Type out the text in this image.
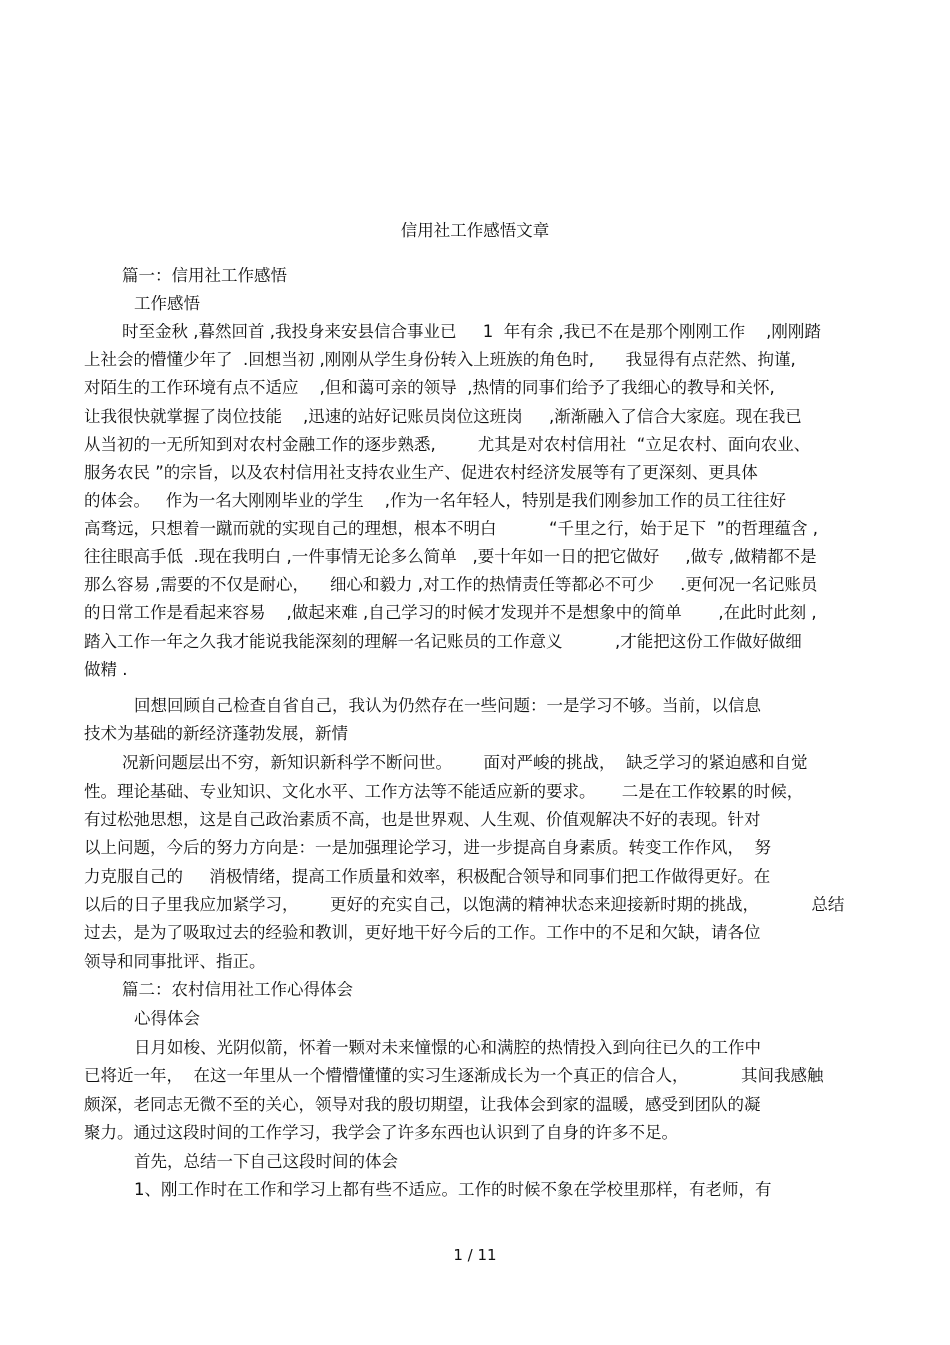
信用社工作感悟文章
篇一：信用社工作感悟
工作感悟
时至金秋 ,暮然回首 ,我投身来安县信合事业已     1  年有余 ,我已不在是那个刚刚工作    ,刚刚踏
上社会的懵懂少年了  .回想当初 ,刚刚从学生身份转入上班族的角色时,      我显得有点茫然、拘谨,
对陌生的工作环境有点不适应    ,但和蔼可亲的领导  ,热情的同事们给予了我细心的教导和关怀,
让我很快就掌握了岗位技能    ,迅速的站好记账员岗位这班岗     ,渐渐融入了信合大家庭。现在我已
从当初的一无所知到对农村金融工作的逐步熟悉,        尤其是对农村信用社  “立足农村、面向农业、
服务农民 ”的宗旨，以及农村信用社支持农业生产、促进农村经济发展等有了更深刻、更具体
的体会。   作为一名大刚刚毕业的学生    ,作为一名年轻人，特别是我们刚参加工作的员工往往好
高骛远，只想着一蹴而就的实现自己的理想，根本不明白          “千里之行，始于足下  ”的哲理蕴含 ,
往往眼高手低  .现在我明白 ,一件事情无论多么简单   ,要十年如一日的把它做好     ,做专 ,做精都不是
那么容易 ,需要的不仅是耐心，    细心和毅力 ,对工作的热情责任等都必不可少     .更何况一名记账员
的日常工作是看起来容易    ,做起来难 ,自己学习的时候才发现并不是想象中的简单       ,在此时此刻 ,
踏入工作一年之久我才能说我能深刻的理解一名记账员的工作意义          ,才能把这份工作做好做细
做精 .
回想回顾自己检查自省自己，我认为仍然存在一些问题：一是学习不够。当前，以信息
技术为基础的新经济蓬勃发展，新情
况新问题层出不穷，新知识新科学不断问世。      面对严峻的挑战，  缺乏学习的紧迫感和自觉
性。理论基础、专业知识、文化水平、工作方法等不能适应新的要求。     二是在工作较累的时候，
有过松弛思想，这是自己政治素质不高，也是世界观、人生观、价值观解决不好的表现。针对
以上问题，今后的努力方向是：一是加强理论学习，进一步提高自身素质。转变工作作风，  努
力克服自己的     消极情绪，提高工作质量和效率，积极配合领导和同事们把工作做得更好。在
以后的日子里我应加紧学习，      更好的充实自己，以饱满的精神状态来迎接新时期的挑战，          总结
过去，是为了吸取过去的经验和教训，更好地干好今后的工作。工作中的不足和欠缺，请各位
领导和同事批评、指正。
篇二：农村信用社工作心得体会
心得体会
日月如梭、光阴似箭，怀着一颗对未来憧憬的心和满腔的热情投入到向往已久的工作中
已将近一年，  在这一年里从一个懵懵懂懂的实习生逐渐成长为一个真正的信合人，          其间我感触
颇深，老同志无微不至的关心，领导对我的殷切期望，让我体会到家的温暖，感受到团队的凝
聚力。通过这段时间的工作学习，我学会了许多东西也认识到了自身的许多不足。
首先，总结一下自己这段时间的体会
1、刚工作时在工作和学习上都有些不适应。工作的时候不象在学校里那样，有老师，有
1 / 11
